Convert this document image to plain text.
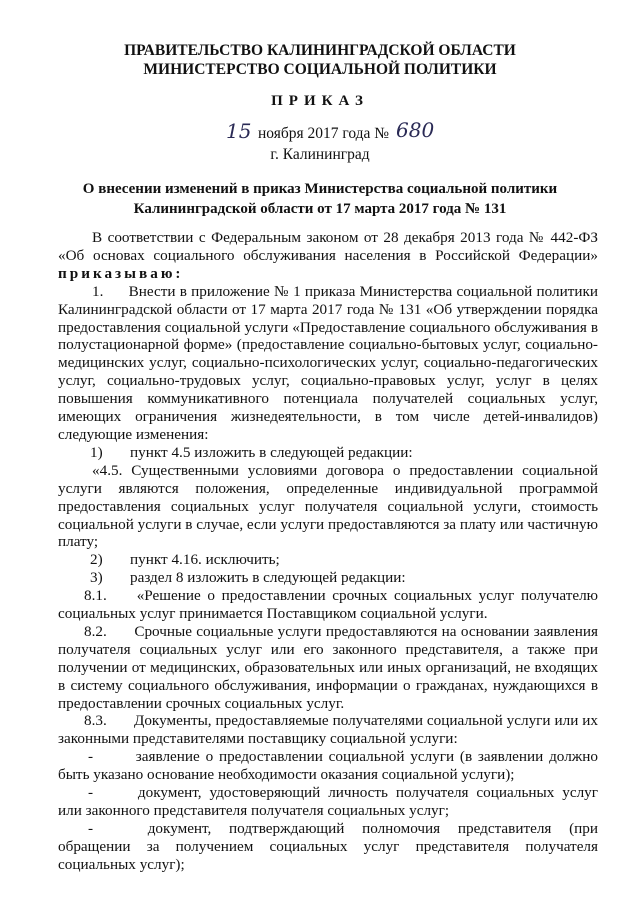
ПРАВИТЕЛЬСТВО КАЛИНИНГРАДСКОЙ ОБЛАСТИ
МИНИСТЕРСТВО СОЦИАЛЬНОЙ ПОЛИТИКИ
ПРИКАЗ
15 ноября 2017 года № 680
г. Калининград
О внесении изменений в приказ Министерства социальной политики
Калининградской области от 17 марта 2017 года № 131

В соответствии с Федеральным законом от 28 декабря 2013 года № 442-ФЗ «Об основах социального обслуживания населения в Российской Федерации» приказываю:

1. Внести в приложение № 1 приказа Министерства социальной политики Калининградской области от 17 марта 2017 года № 131 «Об утверждении порядка предоставления социальной услуги «Предоставление социального обслуживания в полустационарной форме» (предоставление социально-бытовых услуг, социально-медицинских услуг, социально-психологических услуг, социально-педагогических услуг, социально-трудовых услуг, социально-правовых услуг, услуг в целях повышения коммуникативного потенциала получателей социальных услуг, имеющих ограничения жизнедеятельности, в том числе детей-инвалидов) следующие изменения:

1)	пункт 4.5 изложить в следующей редакции:

«4.5. Существенными условиями договора о предоставлении социальной услуги являются положения, определенные индивидуальной программой предоставления социальных услуг получателя социальной услуги, стоимость социальной услуги в случае, если услуги предоставляются за плату или частичную плату;

2)	пункт 4.16. исключить;
3)	раздел 8 изложить в следующей редакции:

8.1. «Решение о предоставлении срочных социальных услуг получателю социальных услуг принимается Поставщиком социальной услуги.

8.2. Срочные социальные услуги предоставляются на основании заявления получателя социальных услуг или его законного представителя, а также при получении от медицинских, образовательных или иных организаций, не входящих в систему социального обслуживания, информации о гражданах, нуждающихся в предоставлении срочных социальных услуг.

8.3. Документы, предоставляемые получателями социальной услуги или их законными представителями поставщику социальной услуги:

-	заявление о предоставлении социальной услуги (в заявлении должно быть указано основание необходимости оказания социальной услуги);

-	документ, удостоверяющий личность получателя социальных услуг или законного представителя получателя социальных услуг;

-	документ, подтверждающий полномочия представителя (при обращении за получением социальных услуг представителя получателя социальных услуг);
